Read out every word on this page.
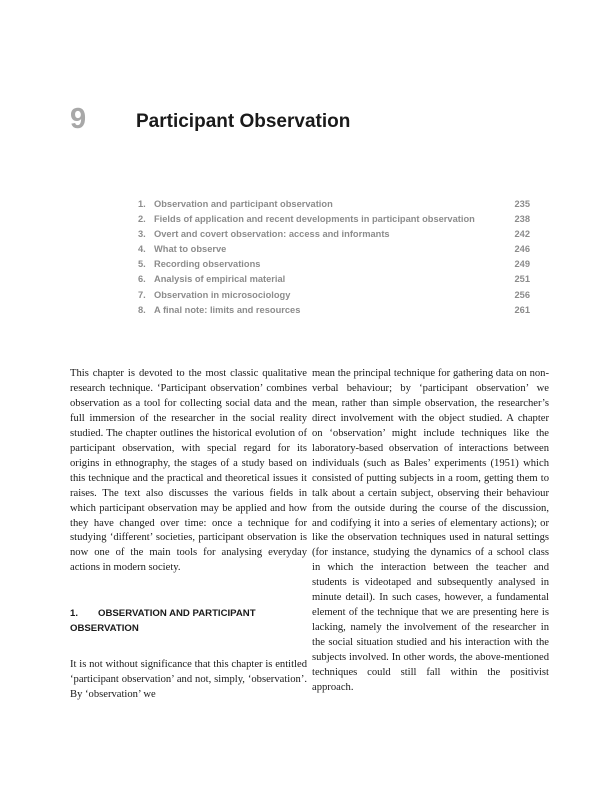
9	Participant Observation
1. Observation and participant observation	235
2. Fields of application and recent developments in participant observation	238
3. Overt and covert observation: access and informants	242
4. What to observe	246
5. Recording observations	249
6. Analysis of empirical material	251
7. Observation in microsociology	256
8. A final note: limits and resources	261

This chapter is devoted to the most classic qualitative research technique. ‘Participant observation’ combines observation as a tool for collecting social data and the full immersion of the researcher in the social reality studied. The chapter outlines the historical evolution of participant observation, with special regard for its origins in ethnography, the stages of a study based on this technique and the practical and theoretical issues it raises. The text also discusses the various fields in which participant observation may be applied and how they have changed over time: once a technique for studying ‘different’ societies, participant observation is now one of the main tools for analysing everyday actions in modern society.

1. OBSERVATION AND PARTICIPANT OBSERVATION

It is not without significance that this chapter is entitled ‘participant observation’ and not, simply, ‘observation’. By ‘observation’ we

mean the principal technique for gathering data on non-verbal behaviour; by ‘participant observation’ we mean, rather than simple observation, the researcher’s direct involvement with the object studied. A chapter on ‘observation’ might include techniques like the laboratory-based observation of interactions between individuals (such as Bales’ experiments (1951) which consisted of putting subjects in a room, getting them to talk about a certain subject, observing their behaviour from the outside during the course of the discussion, and codifying it into a series of elementary actions); or like the observation techniques used in natural settings (for instance, studying the dynamics of a school class in which the interaction between the teacher and students is videotaped and subsequently analysed in minute detail). In such cases, however, a fundamental element of the technique that we are presenting here is lacking, namely the involvement of the researcher in the social situation studied and his interaction with the subjects involved. In other words, the above-mentioned techniques could still fall within the positivist approach.
